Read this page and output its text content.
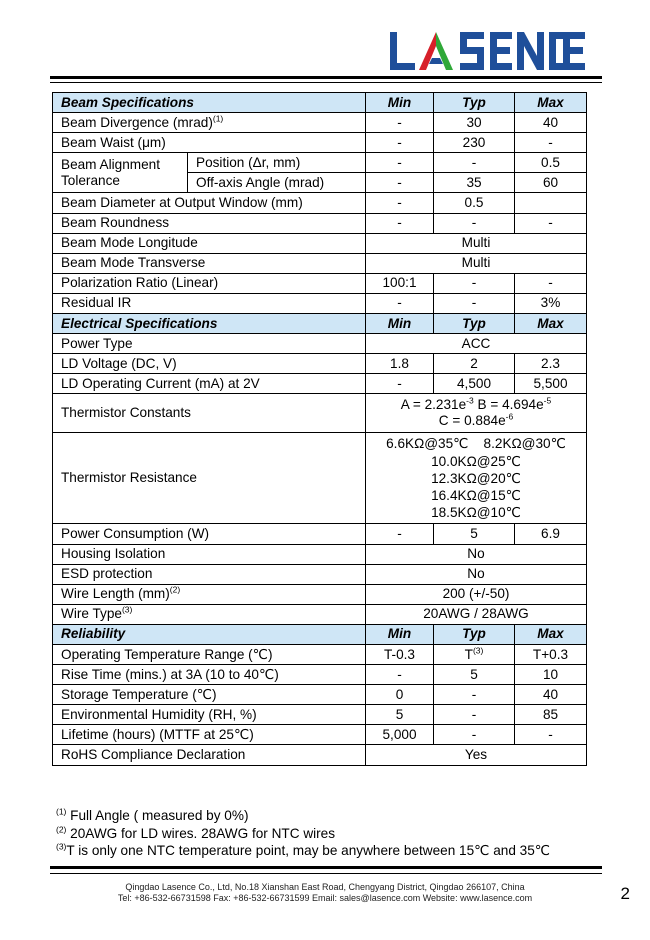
Beam Specifications		Min	Typ	Max
Beam Divergence (mrad)$^{(1)}$		-	30	40
Beam Waist (μm)		-	230	-
Beam Alignment
Tolerance	Position (Δr, mm)	-	-	0.5
	Off-axis Angle (mrad)	-	35	60
Beam Diameter at Output Window (mm)		-	0.5	
Beam Roundness		-	-	-
Beam Mode Longitude		Multi		
Beam Mode Transverse		Multi		
Polarization Ratio (Linear)		100:1	-	-
Residual IR		-	-	3%
Electrical Specifications		Min	Typ	Max
Power Type		ACC		
LD Voltage (DC, V)		1.8	2	2.3
LD Operating Current (mA) at 2V		-	4,500	5,500
Thermistor Constants		$A = 2.231e^{-3}$ $B = 4.694e^{-5}$
$C = 0.884e^{-6}$
Thermistor Resistance		6.6KΩ@35℃    8.2KΩ@30℃
10.0KΩ@25℃
12.3KΩ@20℃
16.4KΩ@15℃
18.5KΩ@10℃		

Power Consumption (W)		-	5	6.9
Housing Isolation		No		
ESD protection		No		
Wire Length (mm)$^{(2)}$		200 (+/-50)		
Wire Type$^{(3)}$		20AWG / 28AWG		
Reliability		Min	Typ	Max
Operating Temperature Range (℃)		T-0.3	$T^{(3)}$	T+0.3
Rise Time (mins.) at 3A (10 to 40℃)		-	5	10
Storage Temperature (℃)		0	-	40
Environmental Humidity (RH, %)		5	-	85
Lifetime (hours) (MTTF at 25℃)		5,000	-	-
RoHS Compliance Declaration		Yes		
$^{(1)}$ Full Angle ( measured by 0%)
$^{(2)}$ 20AWG for LD wires. 28AWG for NTC wires
$^{(3)}$T is only one NTC temperature point, may be anywhere between 15℃ and 35℃
Qingdao Lasence Co., Ltd, No.18 Xianshan East Road, Chengyang District, Qingdao 266107, China
Tel: +86-532-66731598 Fax: +86-532-66731599 Email: sales@lasence.com Website: www.lasence.com	2
